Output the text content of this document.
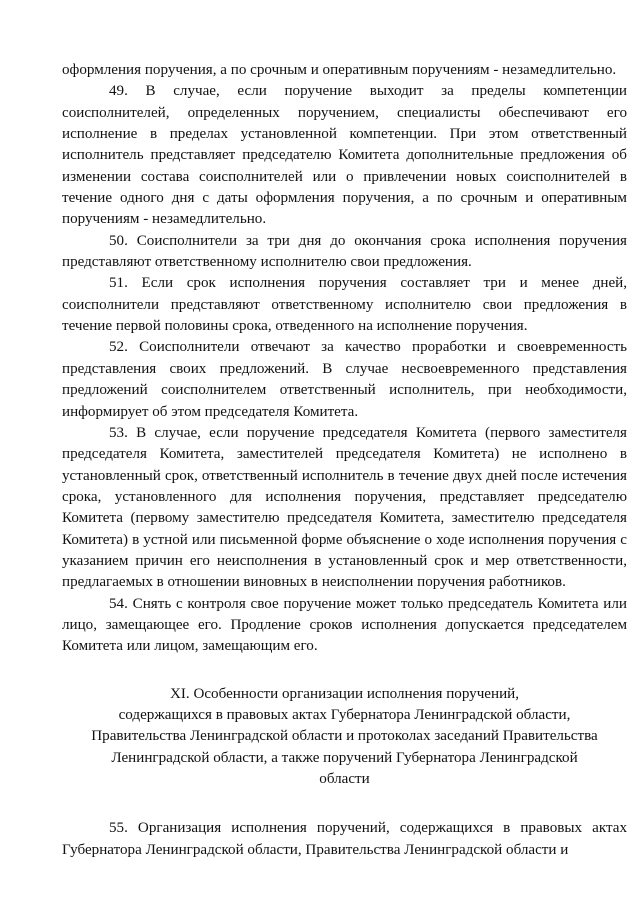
оформления поручения, а по срочным и оперативным поручениям - незамедлительно.

49. В случае, если поручение выходит за пределы компетенции соисполнителей, определенных поручением, специалисты обеспечивают его исполнение в пределах установленной компетенции. При этом ответственный исполнитель представляет председателю Комитета дополнительные предложения об изменении состава соисполнителей или о привлечении новых соисполнителей в течение одного дня с даты оформления поручения, а по срочным и оперативным поручениям - незамедлительно.

50. Соисполнители за три дня до окончания срока исполнения поручения представляют ответственному исполнителю свои предложения.

51. Если срок исполнения поручения составляет три и менее дней, соисполнители представляют ответственному исполнителю свои предложения в течение первой половины срока, отведенного на исполнение поручения.

52. Соисполнители отвечают за качество проработки и своевременность представления своих предложений. В случае несвоевременного представления предложений соисполнителем ответственный исполнитель, при необходимости, информирует об этом председателя Комитета.

53. В случае, если поручение председателя Комитета (первого заместителя председателя Комитета, заместителей председателя Комитета) не исполнено в установленный срок, ответственный исполнитель в течение двух дней после истечения срока, установленного для исполнения поручения, представляет председателю Комитета (первому заместителю председателя Комитета, заместителю председателя Комитета) в устной или письменной форме объяснение о ходе исполнения поручения с указанием причин его неисполнения в установленный срок и мер ответственности, предлагаемых в отношении виновных в неисполнении поручения работников.

54. Снять с контроля свое поручение может только председатель Комитета или лицо, замещающее его. Продление сроков исполнения допускается председателем Комитета или лицом, замещающим его.

XI. Особенности организации исполнения поручений,
содержащихся в правовых актах Губернатора Ленинградской области,
Правительства Ленинградской области и протоколах заседаний Правительства
Ленинградской области, а также поручений Губернатора Ленинградской
области

55. Организация исполнения поручений, содержащихся в правовых актах Губернатора Ленинградской области, Правительства Ленинградской области и
